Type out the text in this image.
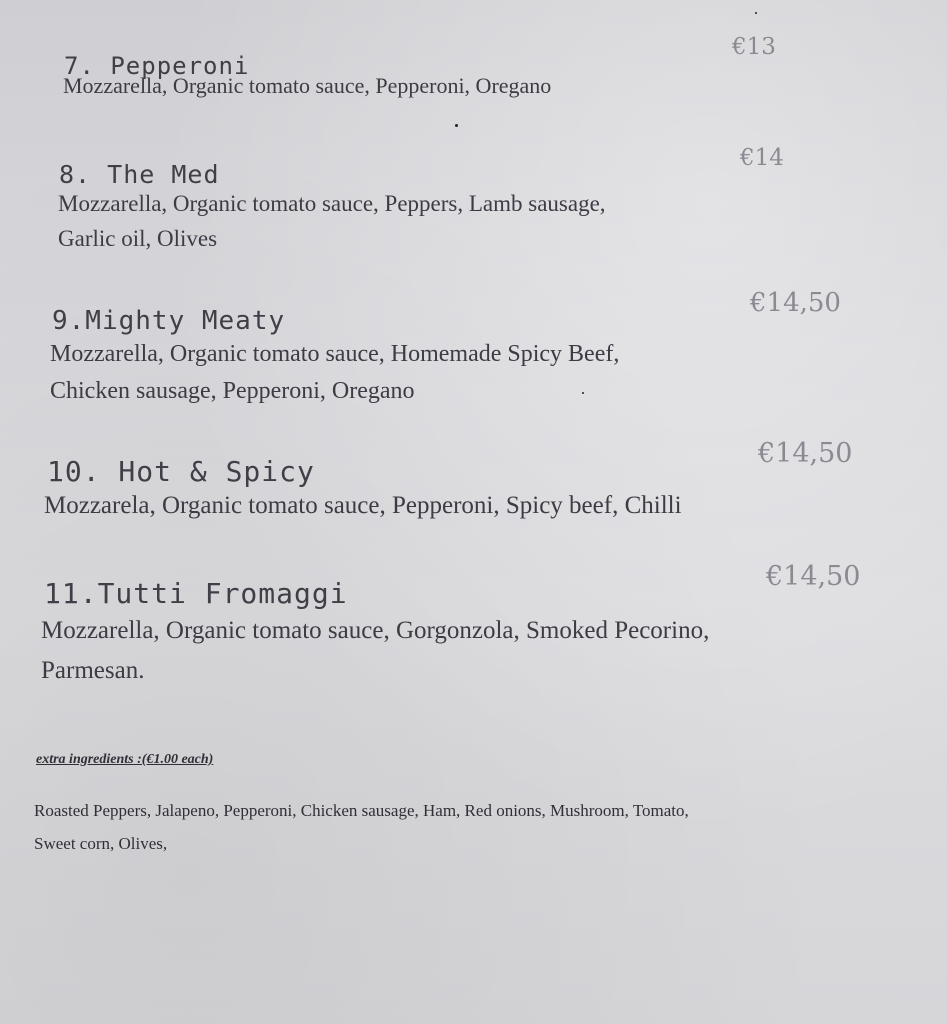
7. Pepperoni
€13
Mozzarella, Organic tomato sauce, Pepperoni, Oregano
8. The Med
€14
Mozzarella, Organic tomato sauce, Peppers, Lamb sausage,
Garlic oil, Olives
9.Mighty Meaty
€14,50
Mozzarella, Organic tomato sauce, Homemade Spicy Beef,
Chicken sausage, Pepperoni, Oregano
10. Hot & Spicy
€14,50
Mozzarela, Organic tomato sauce, Pepperoni, Spicy beef, Chilli
11.Tutti Fromaggi
€14,50
Mozzarella, Organic tomato sauce, Gorgonzola, Smoked Pecorino,
Parmesan.
extra ingredients :(€1.00 each)
Roasted Peppers, Jalapeno, Pepperoni, Chicken sausage, Ham, Red onions, Mushroom, Tomato,
Sweet corn, Olives,
